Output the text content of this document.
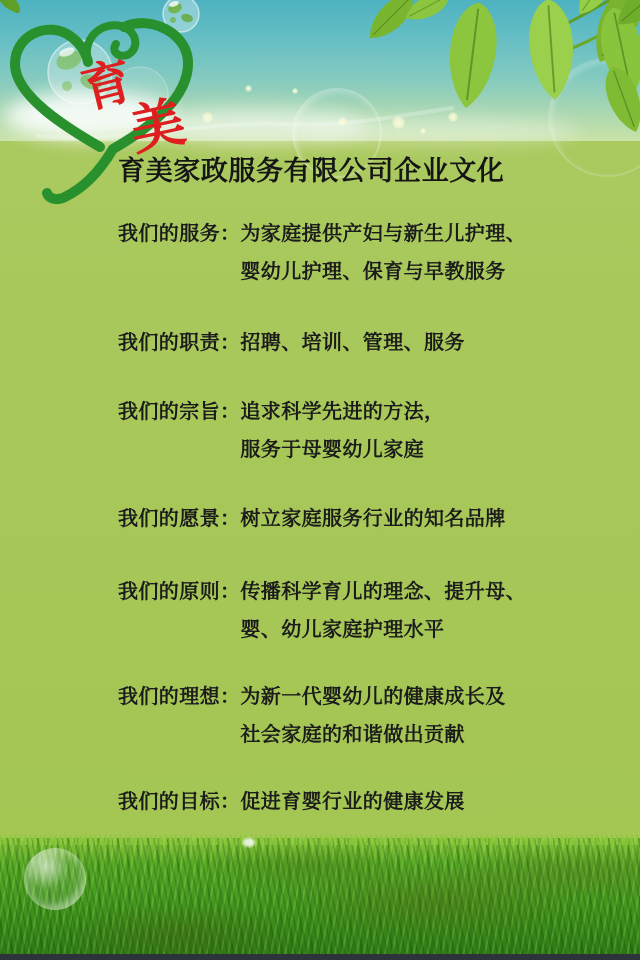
育
美
育美家政服务有限公司企业文化
我们的服务： 为家庭提供产妇与新生儿护理、
婴幼儿护理、保育与早教服务
我们的职责： 招聘、培训、管理、服务
我们的宗旨： 追求科学先进的方法，
服务于母婴幼儿家庭
我们的愿景： 树立家庭服务行业的知名品牌
我们的原则： 传播科学育儿的理念、提升母、
婴、幼儿家庭护理水平
我们的理想： 为新一代婴幼儿的健康成长及
社会家庭的和谐做出贡献
我们的目标： 促进育婴行业的健康发展
